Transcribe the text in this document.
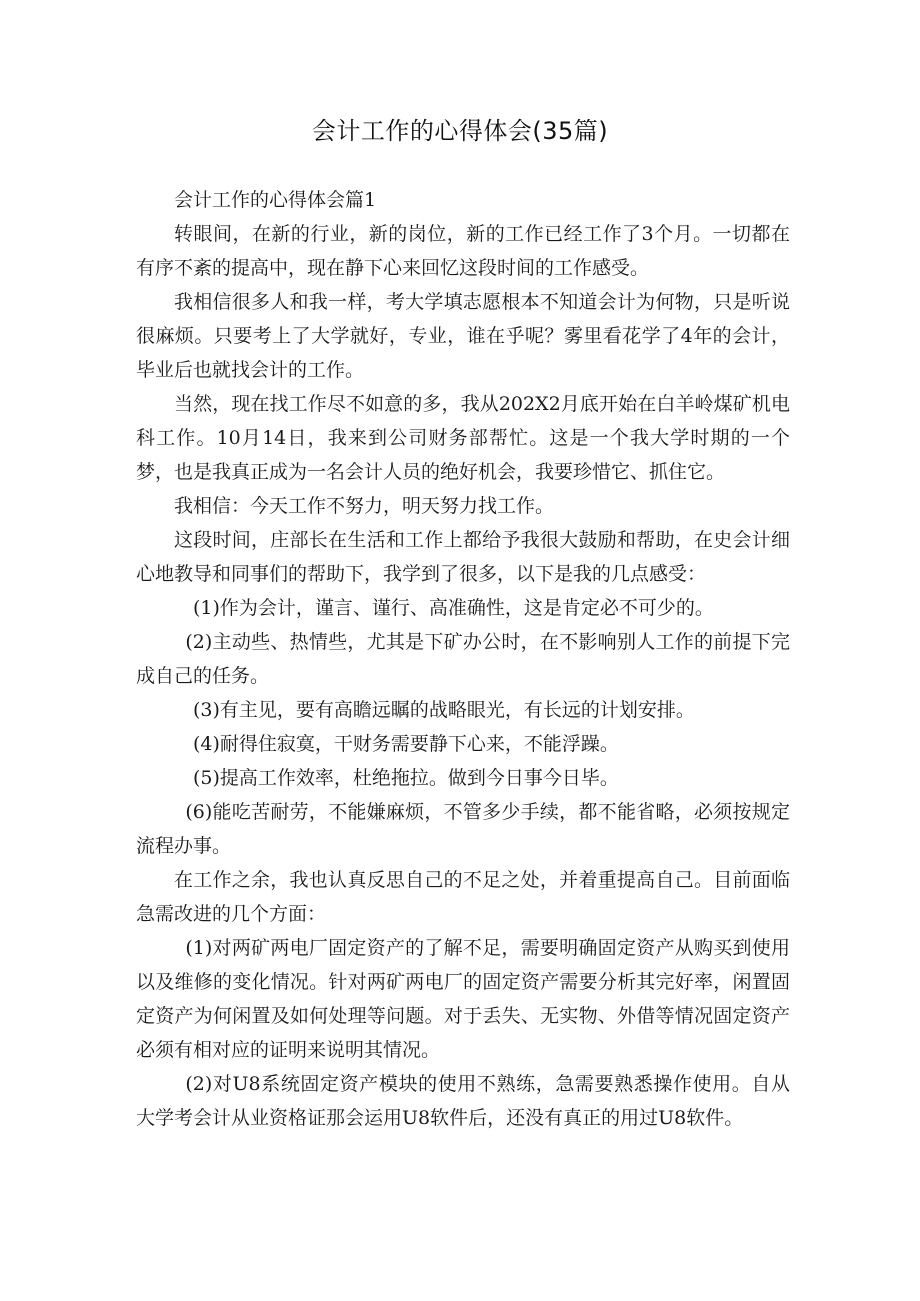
会计工作的心得体会(35篇)

会计工作的心得体会篇1

转眼间，在新的行业，新的岗位，新的工作已经工作了3个月。一切都在有序不紊的提高中，现在静下心来回忆这段时间的工作感受。

我相信很多人和我一样，考大学填志愿根本不知道会计为何物，只是听说很麻烦。只要考上了大学就好，专业，谁在乎呢？雾里看花学了4年的会计，毕业后也就找会计的工作。

当然，现在找工作尽不如意的多，我从202X2月底开始在白羊岭煤矿机电科工作。10月14日，我来到公司财务部帮忙。这是一个我大学时期的一个梦，也是我真正成为一名会计人员的绝好机会，我要珍惜它、抓住它。

我相信：今天工作不努力，明天努力找工作。

这段时间，庄部长在生活和工作上都给予我很大鼓励和帮助，在史会计细心地教导和同事们的帮助下，我学到了很多，以下是我的几点感受：

(1)作为会计，谨言、谨行、高准确性，这是肯定必不可少的。

(2)主动些、热情些，尤其是下矿办公时，在不影响别人工作的前提下完成自己的任务。

(3)有主见，要有高瞻远瞩的战略眼光，有长远的计划安排。

(4)耐得住寂寞，干财务需要静下心来，不能浮躁。

(5)提高工作效率，杜绝拖拉。做到今日事今日毕。

(6)能吃苦耐劳，不能嫌麻烦，不管多少手续，都不能省略，必须按规定流程办事。

在工作之余，我也认真反思自己的不足之处，并着重提高自己。目前面临急需改进的几个方面：

(1)对两矿两电厂固定资产的了解不足，需要明确固定资产从购买到使用以及维修的变化情况。针对两矿两电厂的固定资产需要分析其完好率，闲置固定资产为何闲置及如何处理等问题。对于丢失、无实物、外借等情况固定资产必须有相对应的证明来说明其情况。

(2)对U8系统固定资产模块的使用不熟练，急需要熟悉操作使用。自从大学考会计从业资格证那会运用U8软件后，还没有真正的用过U8软件。
